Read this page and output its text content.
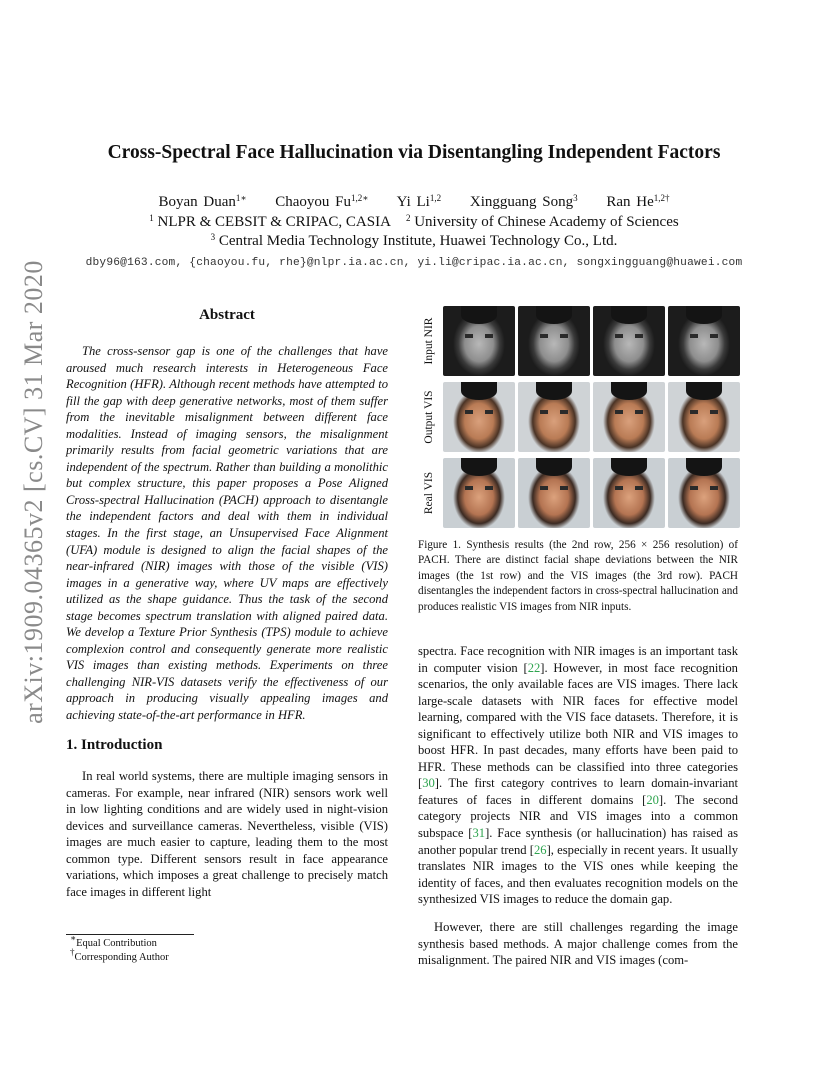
Cross-Spectral Face Hallucination via Disentangling Independent Factors
Boyan Duan$^{1∗}$ Chaoyou $Fu^{1,2∗}$ Yi Li$^{1,2}$ Xingguang Song$^3$ Ran $He^{1,2\dagger}$
$^1$ NLPR & CEBSIT & CRIPAC, CASIA $^2$ University of Chinese Academy of Sciences
$^3$ Central Media Technology Institute, Huawei Technology Co., Ltd.
dby96@163.com, {chaoyou.fu, rhe}@nlpr.ia.ac.cn, yi.li@cripac.ia.ac.cn, songxingguang@huawei.com
arXiv:1909.04365v2 [cs.CV] 31 Mar 2020	Abstract
The cross-sensor gap is one of the challenges that have aroused much research interests in Heterogeneous Face Recognition (HFR). Although recent methods have attempted to fill the gap with deep generative networks, most of them suffer from the inevitable misalignment between different face modalities. Instead of imaging sensors, the misalignment primarily results from facial geometric variations that are independent of the spectrum. Rather than building a monolithic but complex structure, this paper proposes a Pose Aligned Cross-spectral Hallucination (PACH) approach to disentangle the independent factors and deal with them in individual stages. In the first stage, an Unsupervised Face Alignment (UFA) module is designed to align the facial shapes of the near-infrared (NIR) images with those of the visible (VIS) images in a generative way, where UV maps are effectively utilized as the shape guidance. Thus the task of the second stage becomes spectrum translation with aligned paired data. We develop a Texture Prior Synthesis (TPS) module to achieve complexion control and consequently generate more realistic VIS images than existing methods. Experiments on three challenging NIR-VIS datasets verify the effectiveness of our approach in producing visually appealing images and achieving state-of-the-art performance in HFR.
1. Introduction
In real world systems, there are multiple imaging sensors in cameras. For example, near infrared (NIR) sensors work well in low lighting conditions and are widely used in night-vision devices and surveillance cameras. Nevertheless, visible (VIS) images are much easier to capture, leading them to the most common type. Different sensors result in face appearance variations, which imposes a great challenge to precisely match face images in different light
∗Equal Contribution
†Corresponding Author
Input NIR
Output VIS
Real VIS
Figure 1. Synthesis results (the 2nd row, 256 × 256 resolution) of PACH. There are distinct facial shape deviations between the NIR images (the 1st row) and the VIS images (the 3rd row). PACH disentangles the independent factors in cross-spectral hallucination and produces realistic VIS images from NIR inputs.
spectra. Face recognition with NIR images is an important task in computer vision [22]. However, in most face recognition scenarios, the only available faces are VIS images. There lack large-scale datasets with NIR faces for effective model learning, compared with the VIS face datasets. Therefore, it is significant to effectively utilize both NIR and VIS images to boost HFR. In past decades, many efforts have been paid to HFR. These methods can be classified into three categories [30]. The first category contrives to learn domain-invariant features of faces in different domains [20]. The second category projects NIR and VIS images into a common subspace [31]. Face synthesis (or hallucination) has raised as another popular trend [26], especially in recent years. It usually translates NIR images to the VIS ones while keeping the identity of faces, and then evaluates recognition models on the synthesized VIS images to reduce the domain gap.
However, there are still challenges regarding the image synthesis based methods. A major challenge comes from the misalignment. The paired NIR and VIS images (com-
